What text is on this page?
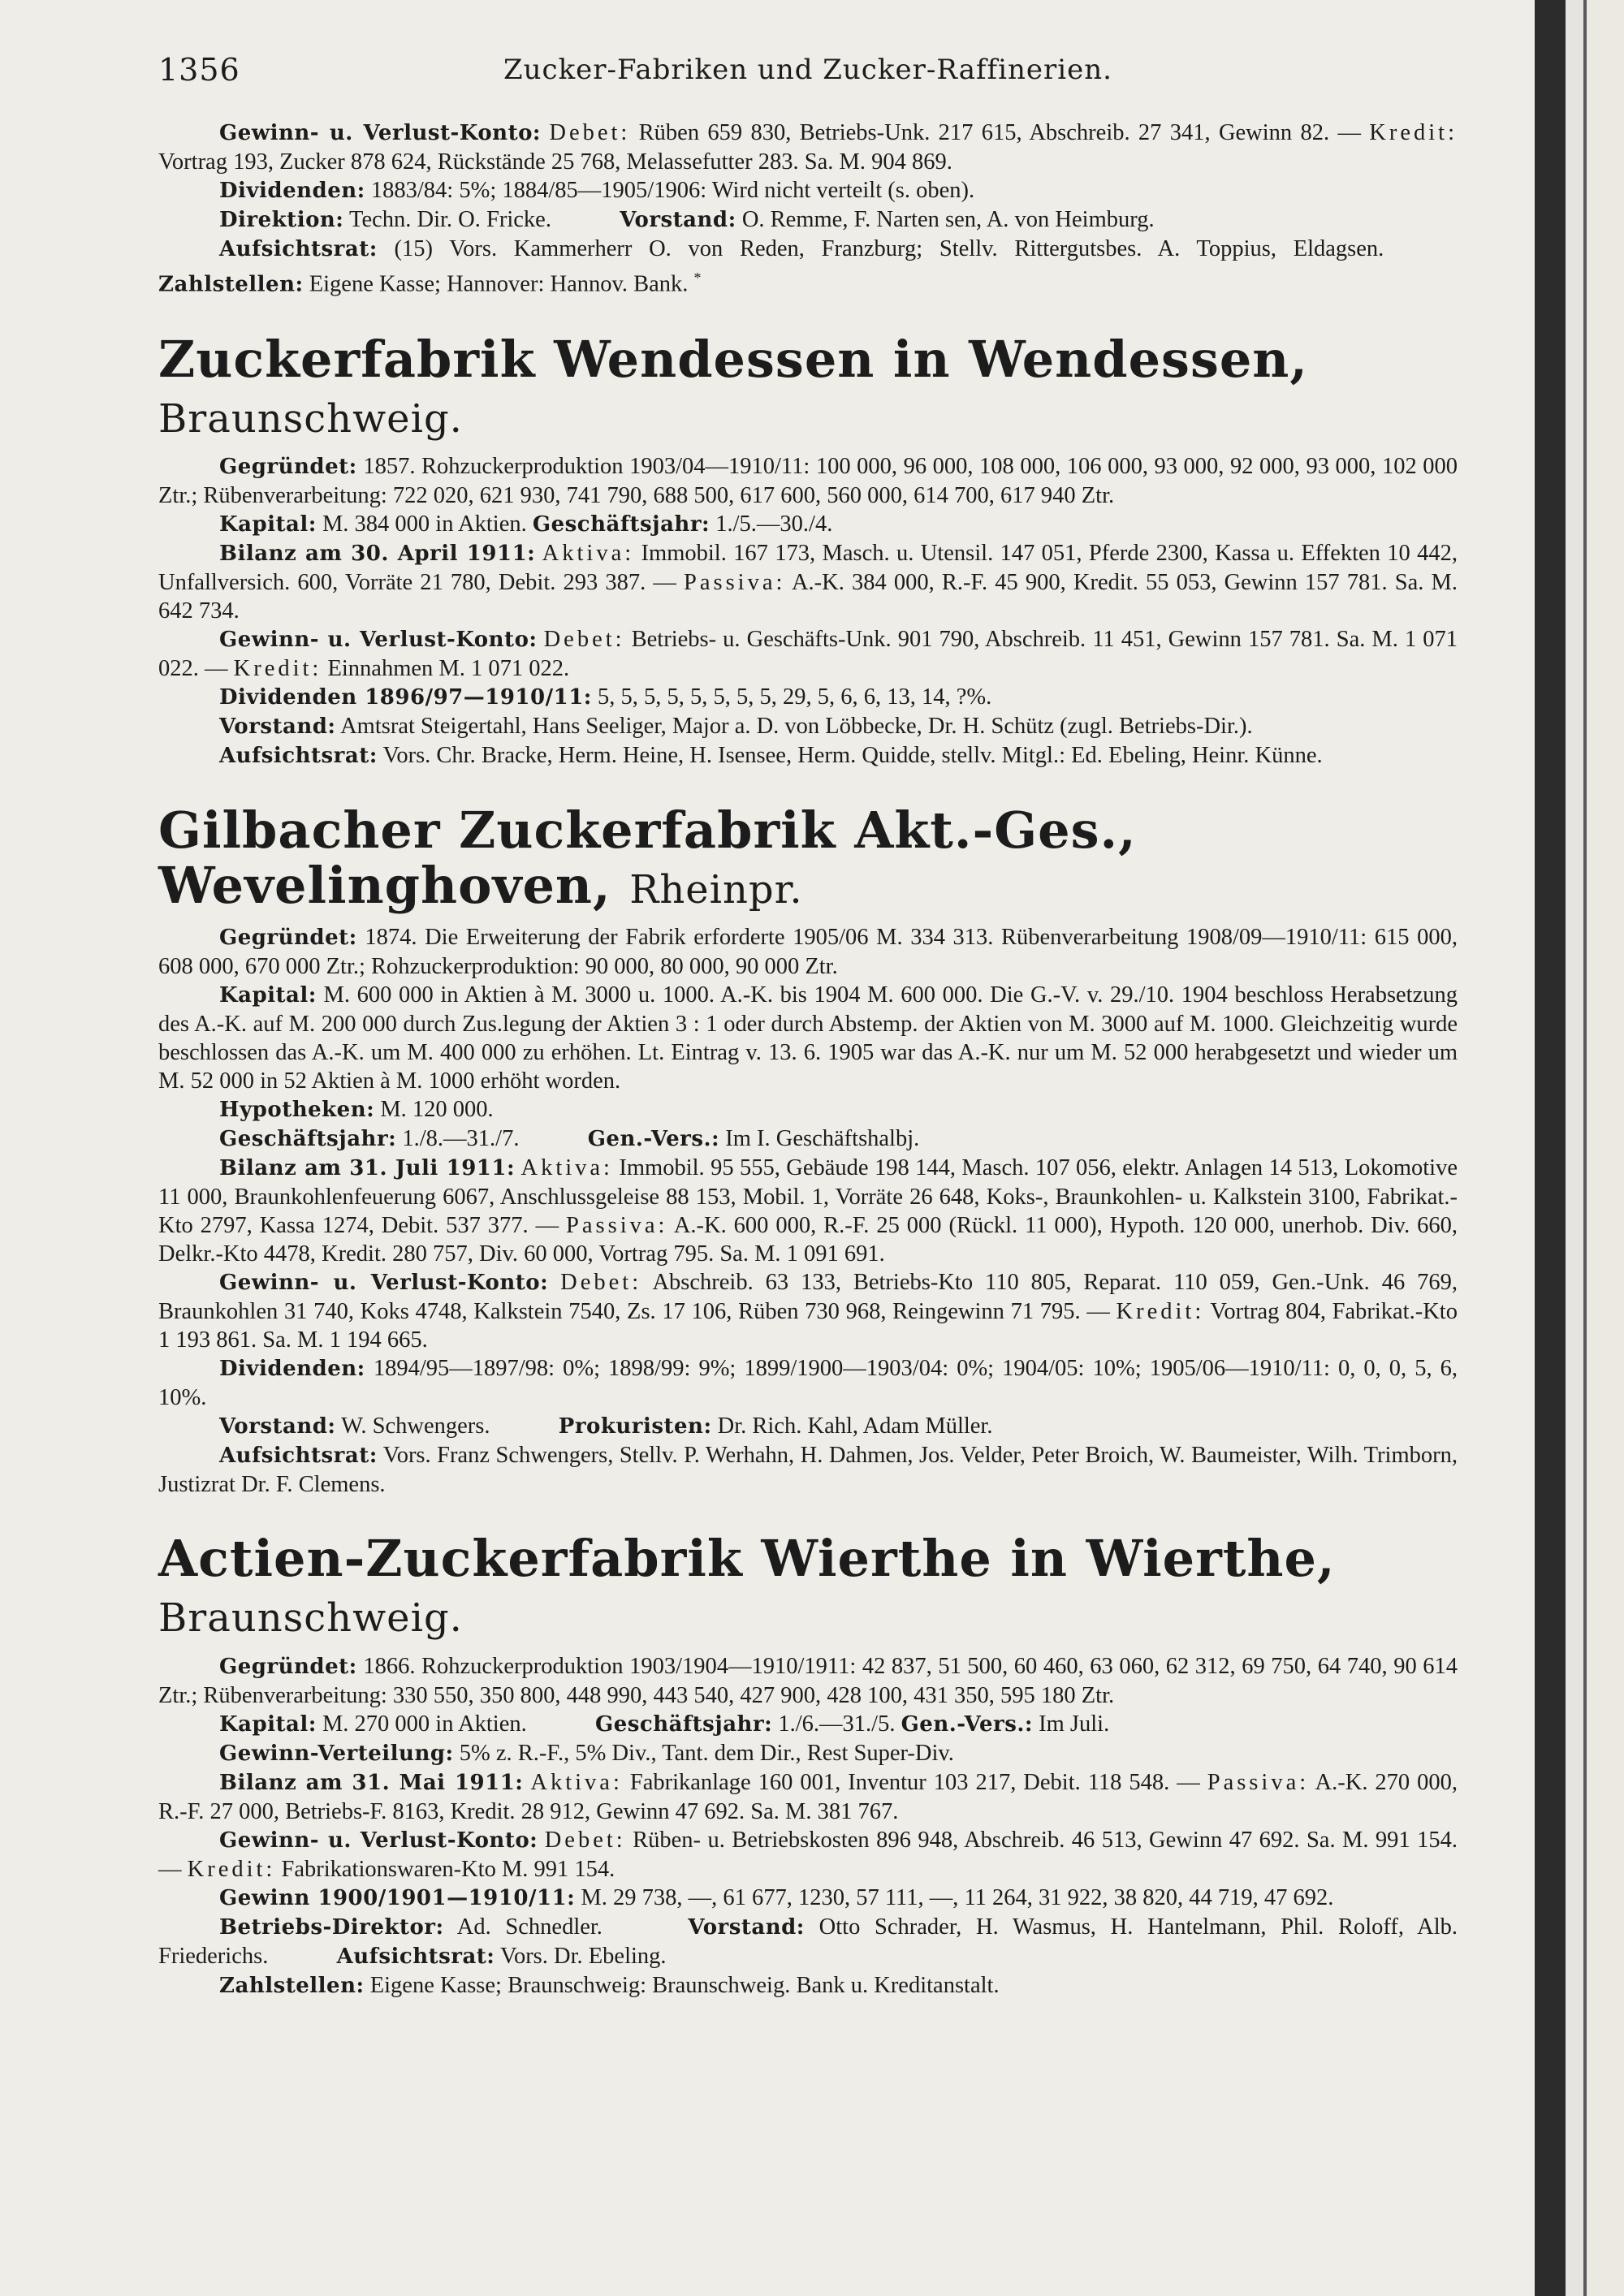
1356	Zucker-Fabriken und Zucker-Raffinerien.

Gewinn- u. Verlust-Konto: Debet: Rüben 659 830, Betriebs-Unk. 217 615, Abschreib. 27 341, Gewinn 82. — Kredit: Vortrag 193, Zucker 878 624, Rückstände 25 768, Melassefutter 283. Sa. M. 904 869.

Dividenden: 1883/84: 5%; 1884/85—1905/1906: Wird nicht verteilt (s. oben).

Direktion: Techn. Dir. O. Fricke.	Vorstand: O. Remme, F. Narten sen, A. von Heimburg.

Aufsichtsrat: (15) Vors. Kammerherr O. von Reden, Franzburg; Stellv. Rittergutsbes. A. Toppius, Eldagsen.  Zahlstellen: Eigene Kasse; Hannover: Hannov. Bank. *

Zuckerfabrik Wendessen in Wendessen, Braunschweig.

Gegründet: 1857. Rohzuckerproduktion 1903/04—1910/11: 100 000, 96 000, 108 000, 106 000, 93 000, 92 000, 93 000, 102 000 Ztr.; Rübenverarbeitung: 722 020, 621 930, 741 790, 688 500, 617 600, 560 000, 614 700, 617 940 Ztr.

Kapital: M. 384 000 in Aktien. Geschäftsjahr: 1./5.—30./4.

Bilanz am 30. April 1911: Aktiva: Immobil. 167 173, Masch. u. Utensil. 147 051, Pferde 2300, Kassa u. Effekten 10 442, Unfallversich. 600, Vorräte 21 780, Debit. 293 387. — Passiva: A.-K. 384 000, R.-F. 45 900, Kredit. 55 053, Gewinn 157 781. Sa. M. 642 734.

Gewinn- u. Verlust-Konto: Debet: Betriebs- u. Geschäfts-Unk. 901 790, Abschreib. 11 451, Gewinn 157 781. Sa. M. 1 071 022. — Kredit: Einnahmen M. 1 071 022.

Dividenden 1896/97—1910/11: 5, 5, 5, 5, 5, 5, 5, 5, 29, 5, 6, 6, 13, 14, ?%.

Vorstand: Amtsrat Steigertahl, Hans Seeliger, Major a. D. von Löbbecke, Dr. H. Schütz (zugl. Betriebs-Dir.).

Aufsichtsrat: Vors. Chr. Bracke, Herm. Heine, H. Isensee, Herm. Quidde, stellv. Mitgl.: Ed. Ebeling, Heinr. Künne.

Gilbacher Zuckerfabrik Akt.-Ges., Wevelinghoven, Rheinpr.

Gegründet: 1874. Die Erweiterung der Fabrik erforderte 1905/06 M. 334 313. Rübenverarbeitung 1908/09—1910/11: 615 000, 608 000, 670 000 Ztr.; Rohzuckerproduktion: 90 000, 80 000, 90 000 Ztr.

Kapital: M. 600 000 in Aktien à M. 3000 u. 1000. A.-K. bis 1904 M. 600 000. Die G.-V. v. 29./10. 1904 beschloss Herabsetzung des A.-K. auf M. 200 000 durch Zus.legung der Aktien 3 : 1 oder durch Abstemp. der Aktien von M. 3000 auf M. 1000. Gleichzeitig wurde beschlossen das A.-K. um M. 400 000 zu erhöhen. Lt. Eintrag v. 13. 6. 1905 war das A.-K. nur um M. 52 000 herabgesetzt und wieder um M. 52 000 in 52 Aktien à M. 1000 erhöht worden.

Hypotheken: M. 120 000.

Geschäftsjahr: 1./8.—31./7.	Gen.-Vers.: Im I. Geschäftshalbj.

Bilanz am 31. Juli 1911: Aktiva: Immobil. 95 555, Gebäude 198 144, Masch. 107 056, elektr. Anlagen 14 513, Lokomotive 11 000, Braunkohlenfeuerung 6067, Anschlussgeleise 88 153, Mobil. 1, Vorräte 26 648, Koks-, Braunkohlen- u. Kalkstein 3100, Fabrikat.-Kto 2797, Kassa 1274, Debit. 537 377. — Passiva: A.-K. 600 000, R.-F. 25 000 (Rückl. 11 000), Hypoth. 120 000, unerhob. Div. 660, Delkr.-Kto 4478, Kredit. 280 757, Div. 60 000, Vortrag 795. Sa. M. 1 091 691.

Gewinn- u. Verlust-Konto: Debet: Abschreib. 63 133, Betriebs-Kto 110 805, Reparat. 110 059, Gen.-Unk. 46 769, Braunkohlen 31 740, Koks 4748, Kalkstein 7540, Zs. 17 106, Rüben 730 968, Reingewinn 71 795. — Kredit: Vortrag 804, Fabrikat.-Kto 1 193 861. Sa. M. 1 194 665.

Dividenden: 1894/95—1897/98: 0%; 1898/99: 9%; 1899/1900—1903/04: 0%; 1904/05: 10%; 1905/06—1910/11: 0, 0, 0, 5, 6, 10%.

Vorstand: W. Schwengers.	Prokuristen: Dr. Rich. Kahl, Adam Müller.

Aufsichtsrat: Vors. Franz Schwengers, Stellv. P. Werhahn, H. Dahmen, Jos. Velder, Peter Broich, W. Baumeister, Wilh. Trimborn, Justizrat Dr. F. Clemens.

Actien-Zuckerfabrik Wierthe in Wierthe, Braunschweig.

Gegründet: 1866. Rohzuckerproduktion 1903/1904—1910/1911: 42 837, 51 500, 60 460, 63 060, 62 312, 69 750, 64 740, 90 614 Ztr.; Rübenverarbeitung: 330 550, 350 800, 448 990, 443 540, 427 900, 428 100, 431 350, 595 180 Ztr.

Kapital: M. 270 000 in Aktien.	Geschäftsjahr: 1./6.—31./5. Gen.-Vers.: Im Juli.

Gewinn-Verteilung: 5% z. R.-F., 5% Div., Tant. dem Dir., Rest Super-Div.

Bilanz am 31. Mai 1911: Aktiva: Fabrikanlage 160 001, Inventur 103 217, Debit. 118 548. — Passiva: A.-K. 270 000, R.-F. 27 000, Betriebs-F. 8163, Kredit. 28 912, Gewinn 47 692. Sa. M. 381 767.

Gewinn- u. Verlust-Konto: Debet: Rüben- u. Betriebskosten 896 948, Abschreib. 46 513, Gewinn 47 692. Sa. M. 991 154. — Kredit: Fabrikationswaren-Kto M. 991 154.

Gewinn 1900/1901—1910/11: M. 29 738, —, 61 677, 1230, 57 111, —, 11 264, 31 922, 38 820, 44 719, 47 692.

Betriebs-Direktor: Ad. Schnedler.	Vorstand: Otto Schrader, H. Wasmus, H. Hantelmann, Phil. Roloff, Alb. Friederichs.	Aufsichtsrat: Vors. Dr. Ebeling.

Zahlstellen: Eigene Kasse; Braunschweig: Braunschweig. Bank u. Kreditanstalt.
